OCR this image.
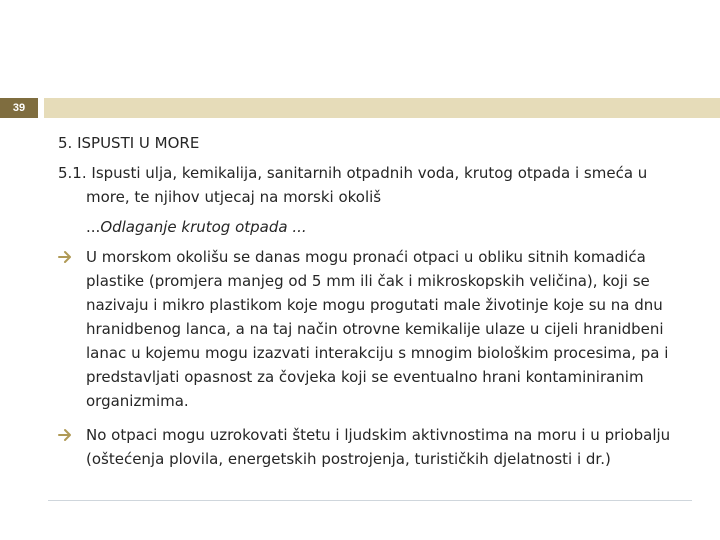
39

5. ISPUSTI U MORE

5.1. Ispusti ulja, kemikalija, sanitarnih otpadnih voda, krutog otpada i smeća u more, te njihov utjecaj na morski okoliš

...Odlaganje krutog otpada ...

U morskom okolišu se danas mogu pronaći otpaci u obliku sitnih komadića plastike (promjera manjeg od 5 mm ili čak i mikroskopskih veličina), koji se nazivaju i mikro plastikom koje mogu progutati male životinje koje su na dnu hranidbenog lanca, a na taj način otrovne kemikalije ulaze u cijeli hranidbeni lanac u kojemu mogu izazvati interakciju s mnogim biološkim procesima, pa i predstavljati opasnost za čovjeka koji se eventualno hrani kontaminiranim organizmima.

No otpaci mogu uzrokovati štetu i ljudskim aktivnostima na moru i u priobalju (oštećenja plovila, energetskih postrojenja, turističkih djelatnosti i dr.)
